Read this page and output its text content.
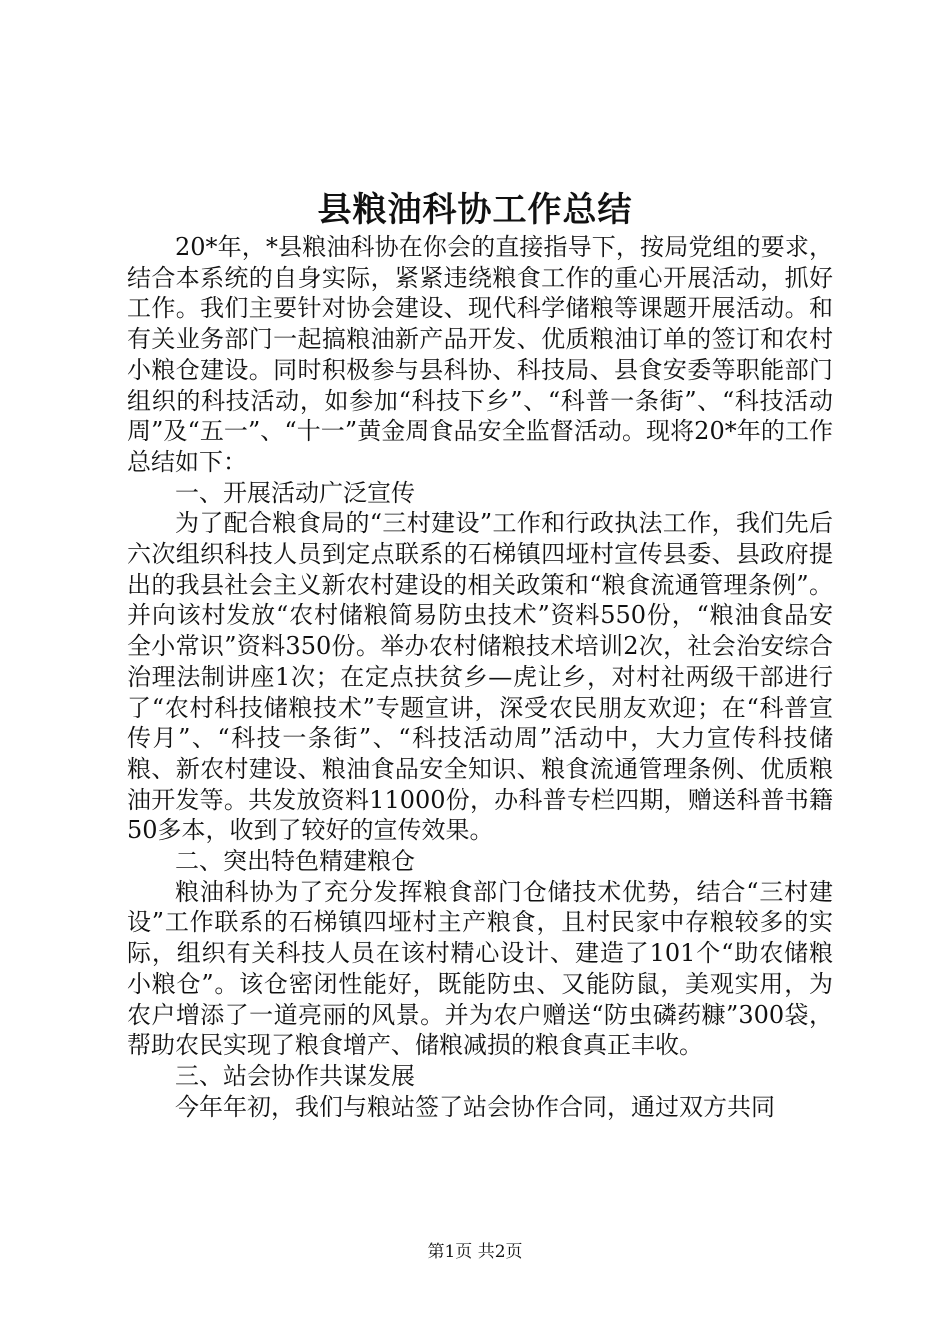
县粮油科协工作总结

20*年，*县粮油科协在你会的直接指导下，按局党组的要求，结合本系统的自身实际，紧紧违绕粮食工作的重心开展活动，抓好工作。我们主要针对协会建设、现代科学储粮等课题开展活动。和有关业务部门一起搞粮油新产品开发、优质粮油订单的签订和农村小粮仓建设。同时积极参与县科协、科技局、县食安委等职能部门组织的科技活动，如参加“科技下乡”、“科普一条街”、“科技活动周”及“五一”、“十一”黄金周食品安全监督活动。现将20*年的工作总结如下：

一、开展活动广泛宣传

为了配合粮食局的“三村建设”工作和行政执法工作，我们先后六次组织科技人员到定点联系的石梯镇四垭村宣传县委、县政府提出的我县社会主义新农村建设的相关政策和“粮食流通管理条例”。并向该村发放“农村储粮简易防虫技术”资料550份，“粮油食品安全小常识”资料350份。举办农村储粮技术培训2次，社会治安综合治理法制讲座1次；在定点扶贫乡—虎让乡，对村社两级干部进行了“农村科技储粮技术”专题宣讲，深受农民朋友欢迎；在“科普宣传月”、“科技一条街”、“科技活动周”活动中，大力宣传科技储粮、新农村建设、粮油食品安全知识、粮食流通管理条例、优质粮油开发等。共发放资料11000份，办科普专栏四期，赠送科普书籍50多本，收到了较好的宣传效果。

二、突出特色精建粮仓

粮油科协为了充分发挥粮食部门仓储技术优势，结合“三村建设”工作联系的石梯镇四垭村主产粮食，且村民家中存粮较多的实际，组织有关科技人员在该村精心设计、建造了101个“助农储粮小粮仓”。该仓密闭性能好，既能防虫、又能防鼠，美观实用，为农户增添了一道亮丽的风景。并为农户赠送“防虫磷药糠”300袋，帮助农民实现了粮食增产、储粮减损的粮食真正丰收。

三、站会协作共谋发展

今年年初，我们与粮站签了站会协作合同，通过双方共同

第1页 共2页
